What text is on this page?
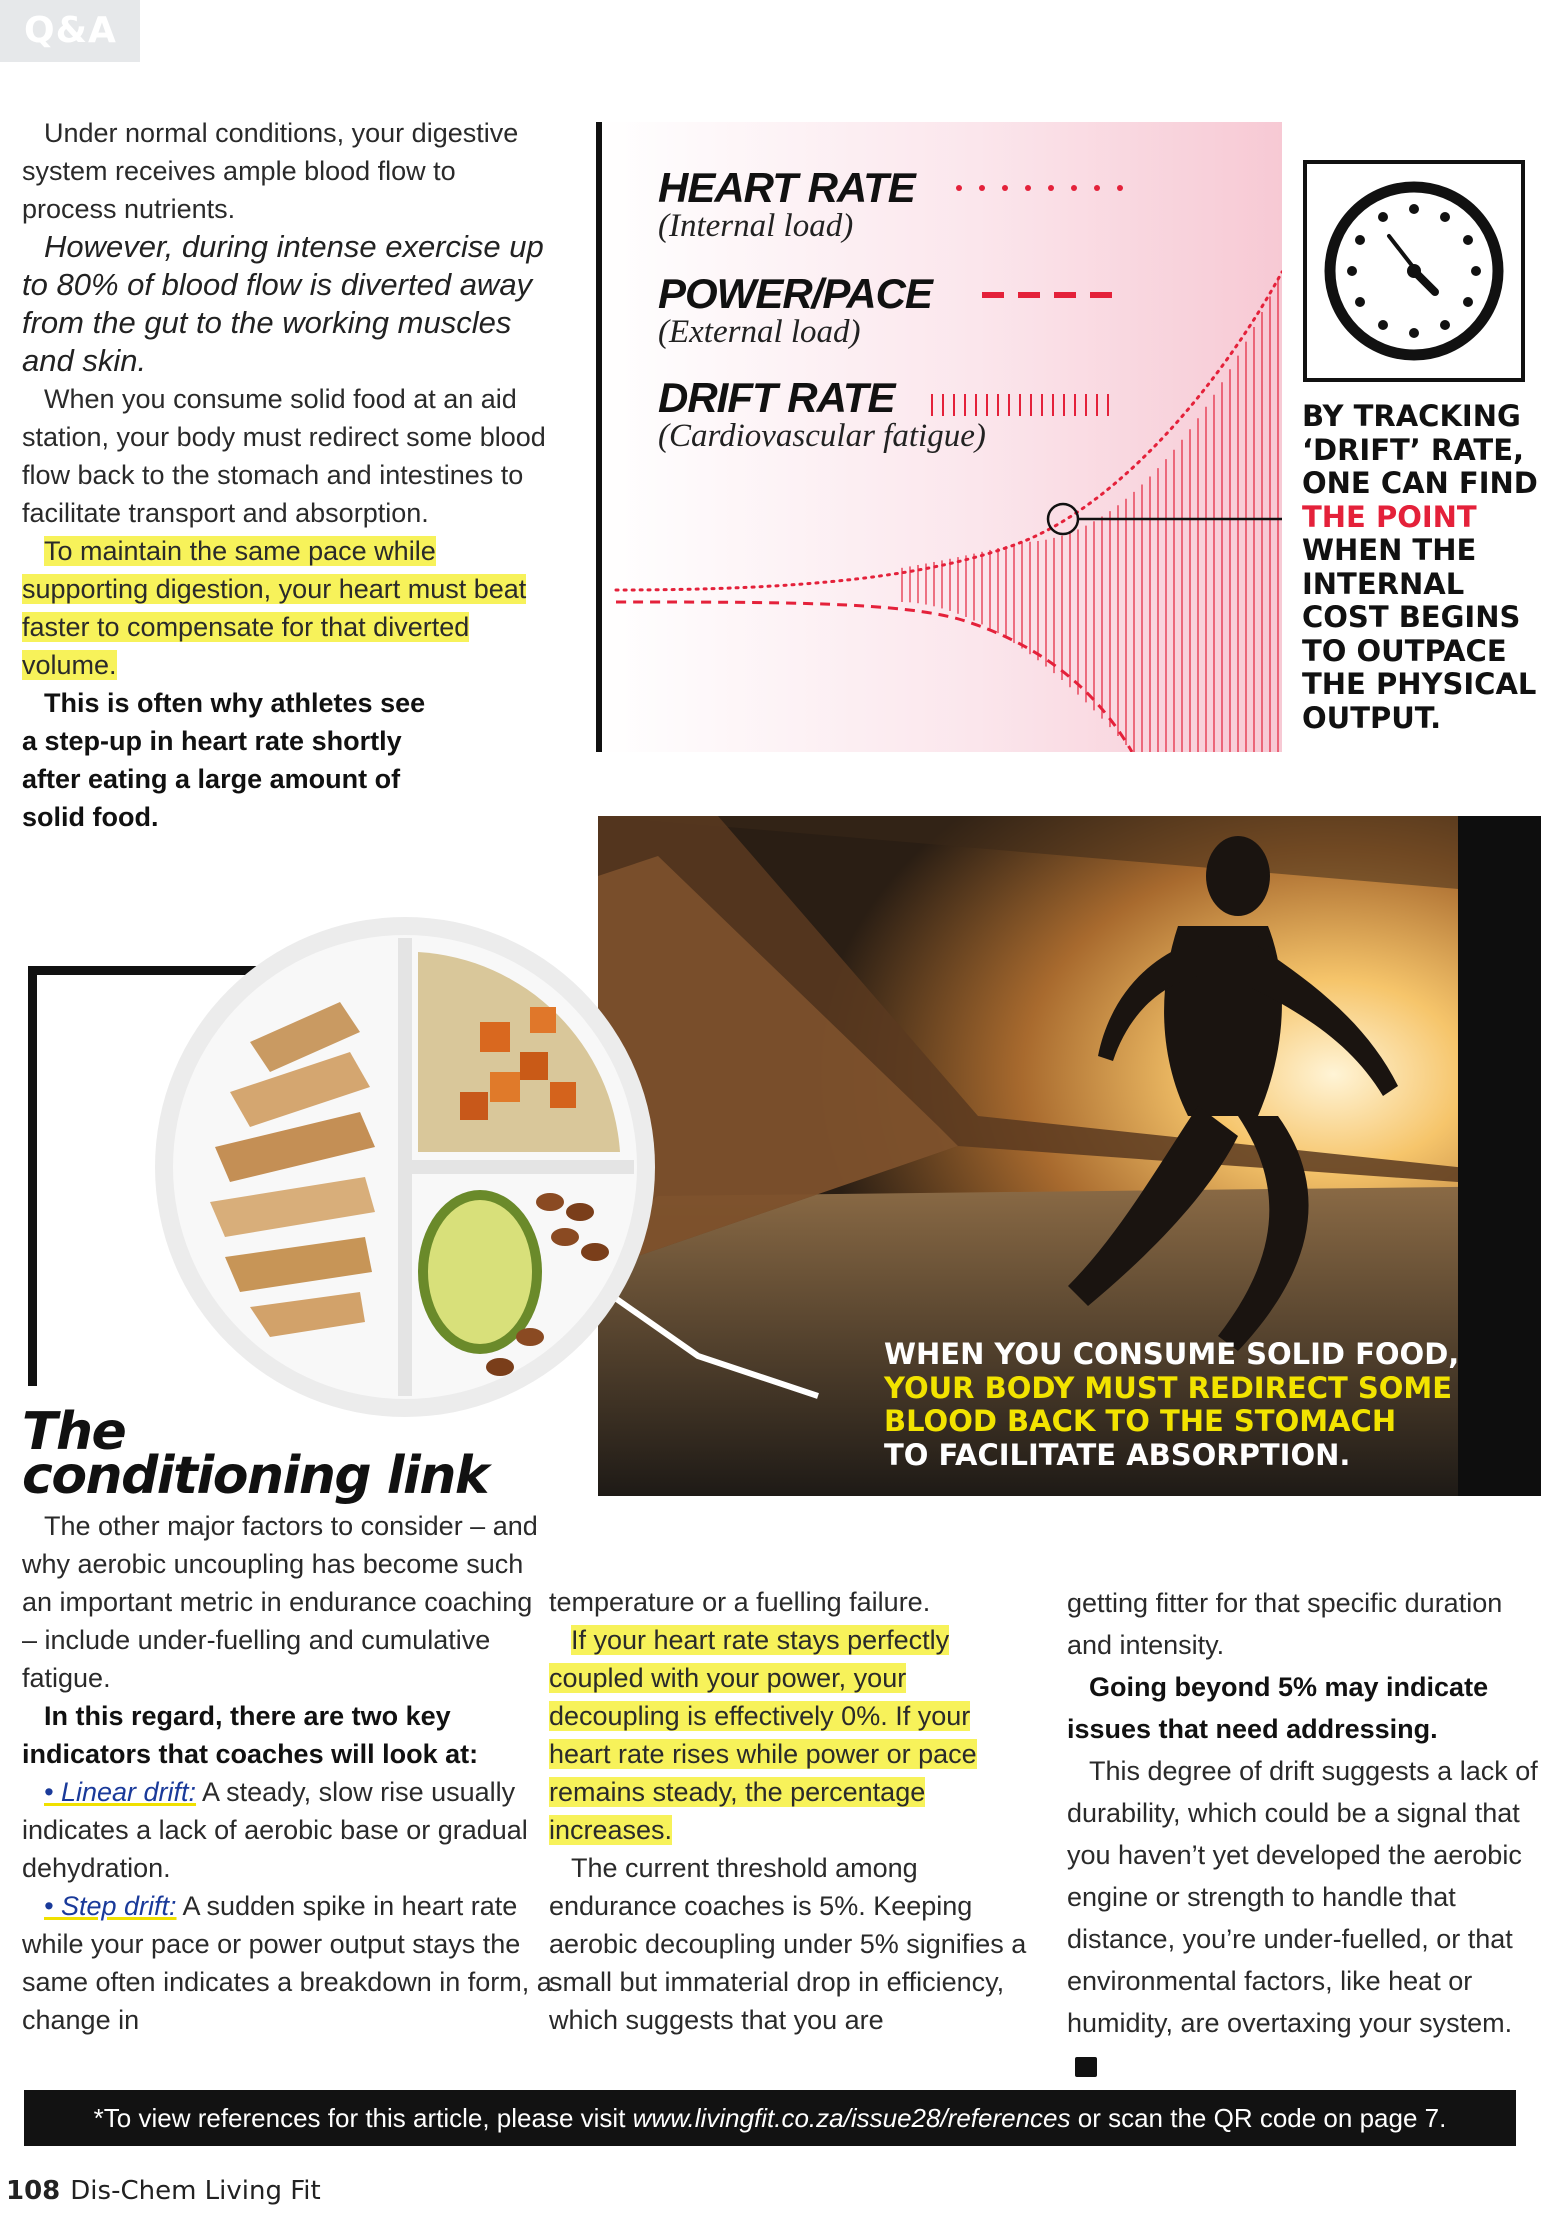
Q&A

Under normal conditions, your digestive system receives ample blood flow to process nutrients.

However, during intense exercise up to 80% of blood flow is diverted away from the gut to the working muscles and skin.

When you consume solid food at an aid station, your body must redirect some blood flow back to the stomach and intestines to facilitate transport and absorption.

To maintain the same pace while supporting digestion, your heart must beat faster to compensate for that diverted volume.

This is often why athletes see a step-up in heart rate shortly after eating a large amount of solid food.

HEART RATE
(Internal load)
POWER/PACE
(External load)
DRIFT RATE
(Cardiovascular fatigue)
BY TRACKING ‘DRIFT’ RATE, ONE CAN FIND
THE POINT
WHEN THE INTERNAL COST BEGINS TO OUTPACE THE PHYSICAL OUTPUT.
WHEN YOU CONSUME SOLID FOOD,
YOUR BODY MUST REDIRECT SOME BLOOD BACK TO THE STOMACH
TO FACILITATE ABSORPTION.
The
conditioning link

The other major factors to consider – and why aerobic uncoupling has become such an important metric in endurance coaching – include under-fuelling and cumulative fatigue.

In this regard, there are two key indicators that coaches will look at:

• Linear drift: A steady, slow rise usually indicates a lack of aerobic base or gradual dehydration.

• Step drift: A sudden spike in heart rate while your pace or power output stays the same often indicates a breakdown in form, a change in

temperature or a fuelling failure.

If your heart rate stays perfectly coupled with your power, your decoupling is effectively 0%. If your heart rate rises while power or pace remains steady, the percentage increases.

The current threshold among endurance coaches is 5%. Keeping aerobic decoupling under 5% signifies a small but immaterial drop in efficiency, which suggests that you are

getting fitter for that specific duration and intensity.

Going beyond 5% may indicate issues that need addressing.

This degree of drift suggests a lack of durability, which could be a signal that you haven’t yet developed the aerobic engine or strength to handle that distance, you’re under-fuelled, or that environmental factors, like heat or humidity, are overtaxing your system.LF

*To view references for this article, please visit www.livingfit.co.za/issue28/references or scan the QR code on page 7.
108 Dis-Chem Living Fit
